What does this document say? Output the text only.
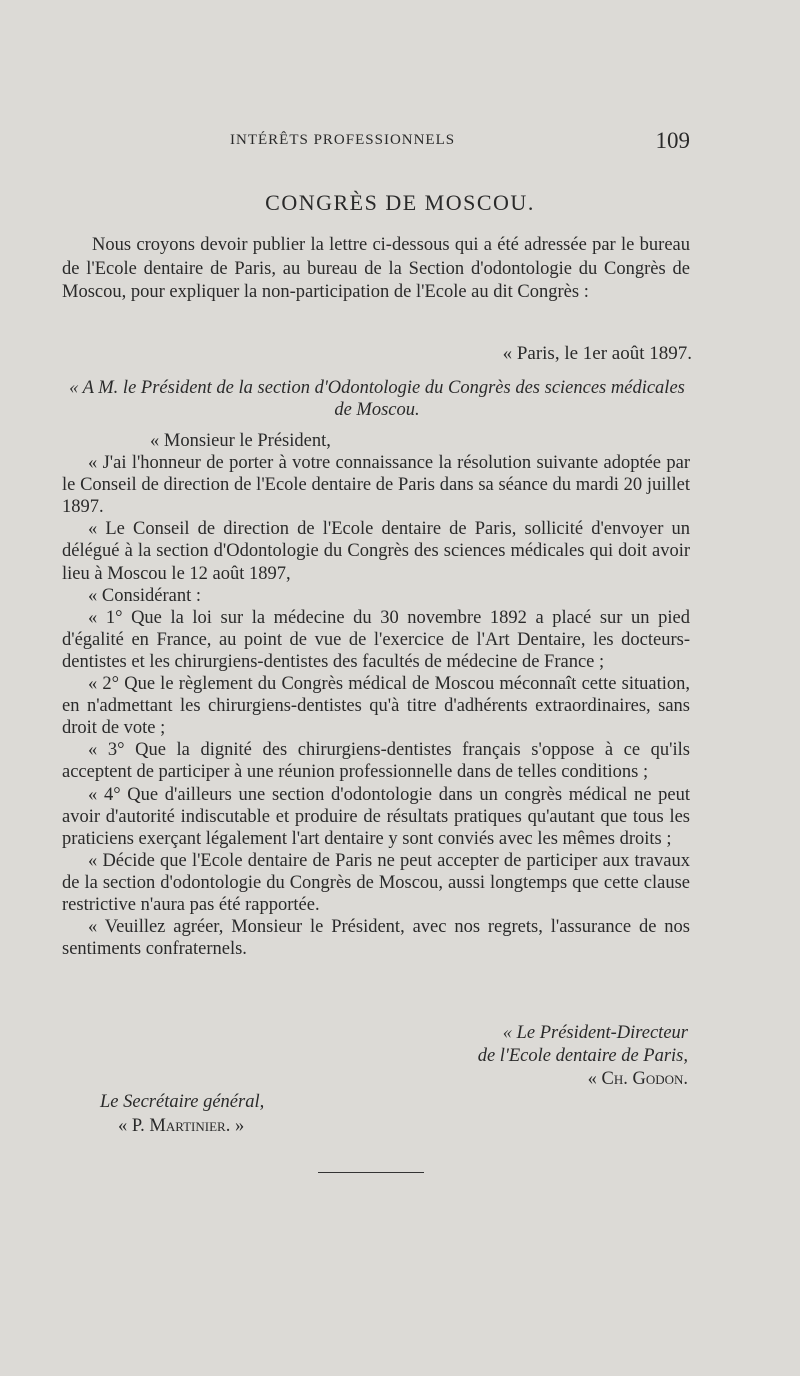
INTÉRÊTS PROFESSIONNELS	109
CONGRÈS DE MOSCOU.

Nous croyons devoir publier la lettre ci-dessous qui a été adressée par le bureau de l'Ecole dentaire de Paris, au bureau de la Section d'odontologie du Congrès de Moscou, pour expliquer la non-participation de l'Ecole au dit Congrès :

« Paris, le 1er août 1897.

« A M. le Président de la section d'Odontologie du Congrès des sciences médicales de Moscou.

« Monsieur le Président,

« J'ai l'honneur de porter à votre connaissance la résolution suivante adoptée par le Conseil de direction de l'Ecole dentaire de Paris dans sa séance du mardi 20 juillet 1897.

« Le Conseil de direction de l'Ecole dentaire de Paris, sollicité d'envoyer un délégué à la section d'Odontologie du Congrès des sciences médicales qui doit avoir lieu à Moscou le 12 août 1897,

« Considérant :

« 1° Que la loi sur la médecine du 30 novembre 1892 a placé sur un pied d'égalité en France, au point de vue de l'exercice de l'Art Dentaire, les docteurs-dentistes et les chirurgiens-dentistes des facultés de médecine de France ;

« 2° Que le règlement du Congrès médical de Moscou méconnaît cette situation, en n'admettant les chirurgiens-dentistes qu'à titre d'adhérents extraordinaires, sans droit de vote ;

« 3° Que la dignité des chirurgiens-dentistes français s'oppose à ce qu'ils acceptent de participer à une réunion professionnelle dans de telles conditions ;

« 4° Que d'ailleurs une section d'odontologie dans un congrès médical ne peut avoir d'autorité indiscutable et produire de résultats pratiques qu'autant que tous les praticiens exerçant légalement l'art dentaire y sont conviés avec les mêmes droits ;

« Décide que l'Ecole dentaire de Paris ne peut accepter de participer aux travaux de la section d'odontologie du Congrès de Moscou, aussi longtemps que cette clause restrictive n'aura pas été rapportée.

« Veuillez agréer, Monsieur le Président, avec nos regrets, l'assurance de nos sentiments confraternels.

« Le Président-Directeur
de l'Ecole dentaire de Paris,
« Ch. Godon.
Le Secrétaire général,
« P. Martinier. »
